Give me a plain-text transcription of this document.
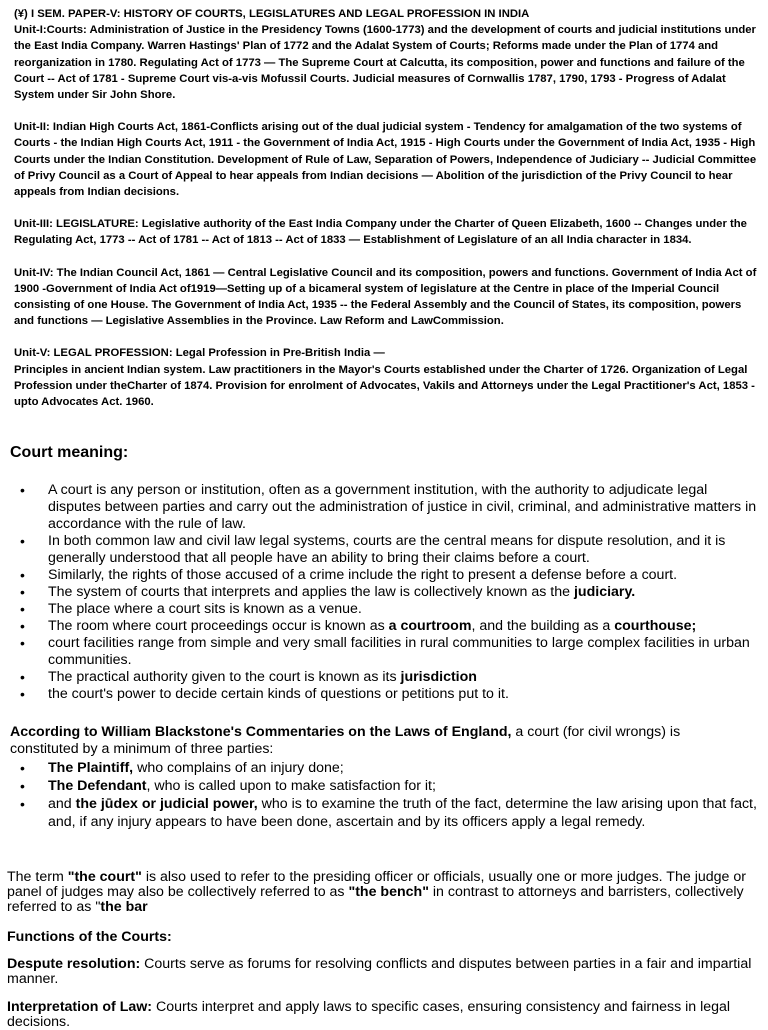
(¥) I SEM. PAPER-V: HISTORY OF COURTS, LEGISLATURES AND LEGAL PROFESSION IN INDIA
Unit-I:Courts: Administration of Justice in the Presidency Towns (1600-1773) and the development of courts and judicial institutions under the East India Company. Warren Hastings' Plan of 1772 and the Adalat System of Courts; Reforms made under the Plan of 1774 and reorganization in 1780. Regulating Act of 1773 — The Supreme Court at Calcutta, its composition, power and functions and failure of the Court -- Act of 1781 - Supreme Court vis-a-vis Mofussil Courts. Judicial measures of Cornwallis 1787, 1790, 1793 - Progress of Adalat System under Sir John Shore.

Unit-II: Indian High Courts Act, 1861-Conflicts arising out of the dual judicial system - Tendency for amalgamation of the two systems of Courts - the Indian High Courts Act, 1911 - the Government of India Act, 1915 - High Courts under the Government of India Act, 1935 - High Courts under the Indian Constitution. Development of Rule of Law, Separation of Powers, Independence of Judiciary -- Judicial Committee of Privy Council as a Court of Appeal to hear appeals from Indian decisions — Abolition of the jurisdiction of the Privy Council to hear appeals from Indian decisions.

Unit-III: LEGISLATURE: Legislative authority of the East India Company under the Charter of Queen Elizabeth, 1600 -- Changes under the Regulating Act, 1773 -- Act of 1781 -- Act of 1813 -- Act of 1833 — Establishment of Legislature of an all India character in 1834.

Unit-IV: The Indian Council Act, 1861 — Central Legislative Council and its composition, powers and functions. Government of India Act of 1900 -Government of India Act of1919—Setting up of a bicameral system of legislature at the Centre in place of the Imperial Council consisting of one House. The Government of India Act, 1935 -- the Federal Assembly and the Council of States, its composition, powers and functions — Legislative Assemblies in the Province. Law Reform and LawCommission.

Unit-V: LEGAL PROFESSION: Legal Profession in Pre-British India —
Principles in ancient Indian system. Law practitioners in the Mayor's Courts established under the Charter of 1726. Organization of Legal Profession under theCharter of 1874. Provision for enrolment of Advocates, Vakils and Attorneys under the Legal Practitioner's Act, 1853 - upto Advocates Act. 1960.

Court meaning:
• A court is any person or institution, often as a government institution, with the authority to adjudicate legal disputes between parties and carry out the administration of justice in civil, criminal, and administrative matters in accordance with the rule of law.
• In both common law and civil law legal systems, courts are the central means for dispute resolution, and it is generally understood that all people have an ability to bring their claims before a court.
• Similarly, the rights of those accused of a crime include the right to present a defense before a court.
• The system of courts that interprets and applies the law is collectively known as the judiciary.
• The place where a court sits is known as a venue.
• The room where court proceedings occur is known as a courtroom, and the building as a courthouse;
• court facilities range from simple and very small facilities in rural communities to large complex facilities in urban communities.
• The practical authority given to the court is known as its jurisdiction
• the court's power to decide certain kinds of questions or petitions put to it.

According to William Blackstone's Commentaries on the Laws of England, a court (for civil wrongs) is constituted by a minimum of three parties:

• The Plaintiff, who complains of an injury done;
• The Defendant, who is called upon to make satisfaction for it;
• and the jūdex or judicial power, who is to examine the truth of the fact, determine the law arising upon that fact, and, if any injury appears to have been done, ascertain and by its officers apply a legal remedy.

The term "the court" is also used to refer to the presiding officer or officials, usually one or more judges. The judge or panel of judges may also be collectively referred to as "the bench" in contrast to attorneys and barristers, collectively referred to as "the bar

Functions of the Courts:

Despute resolution: Courts serve as forums for resolving conflicts and disputes between parties in a fair and impartial manner.

Interpretation of Law: Courts interpret and apply laws to specific cases, ensuring consistency and fairness in legal decisions.
